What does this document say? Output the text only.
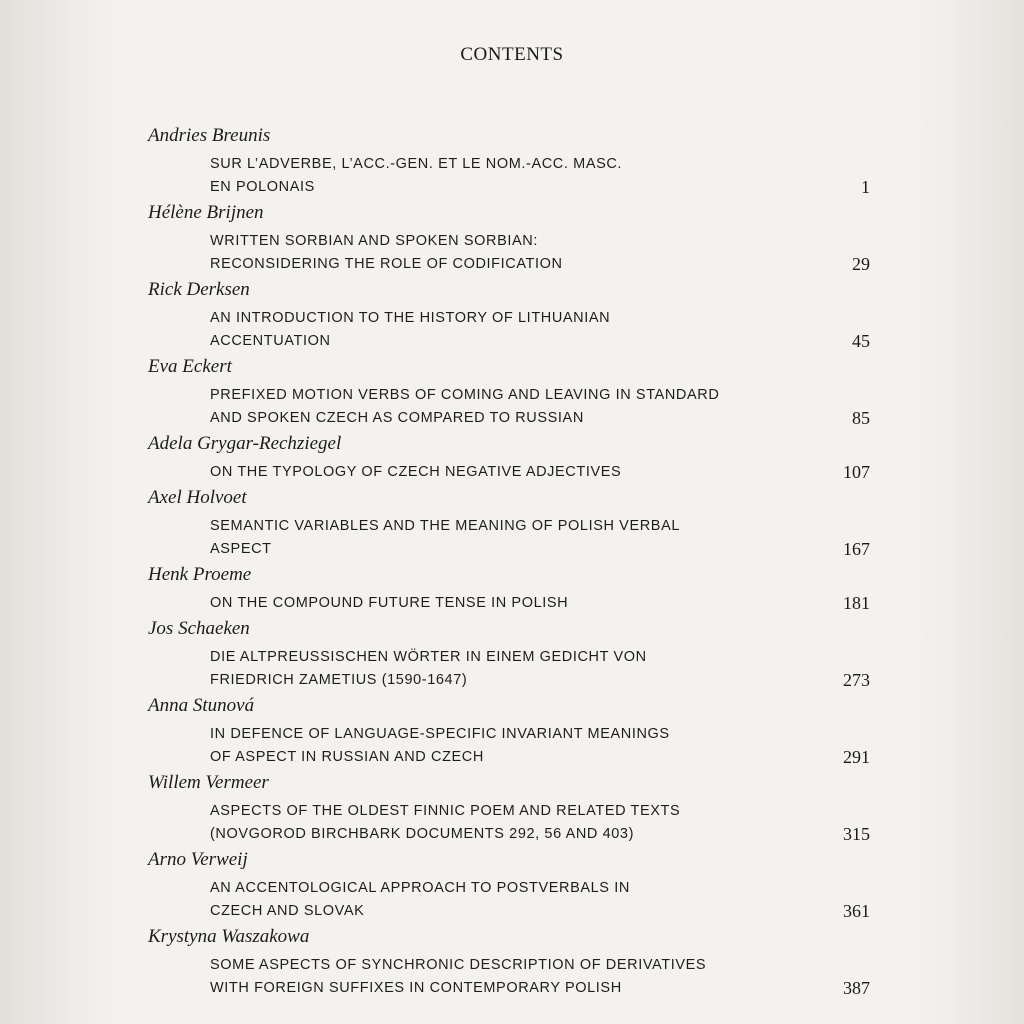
CONTENTS
Andries Breunis
SUR L’ADVERBE, L’ACC.-GEN. ET LE NOM.-ACC. MASC.
EN POLONAIS	1
Hélène Brijnen
WRITTEN SORBIAN AND SPOKEN SORBIAN:
RECONSIDERING THE ROLE OF CODIFICATION	29
Rick Derksen
AN INTRODUCTION TO THE HISTORY OF LITHUANIAN
ACCENTUATION	45
Eva Eckert
PREFIXED MOTION VERBS OF COMING AND LEAVING IN STANDARD
AND SPOKEN CZECH AS COMPARED TO RUSSIAN	85
Adela Grygar-Rechziegel
ON THE TYPOLOGY OF CZECH NEGATIVE ADJECTIVES	107
Axel Holvoet
SEMANTIC VARIABLES AND THE MEANING OF POLISH VERBAL
ASPECT	167
Henk Proeme
ON THE COMPOUND FUTURE TENSE IN POLISH	181
Jos Schaeken
DIE ALTPREUSSISCHEN WÖRTER IN EINEM GEDICHT VON
FRIEDRICH ZAMETIUS (1590-1647)	273
Anna Stunová
IN DEFENCE OF LANGUAGE-SPECIFIC INVARIANT MEANINGS
OF ASPECT IN RUSSIAN AND CZECH	291
Willem Vermeer
ASPECTS OF THE OLDEST FINNIC POEM AND RELATED TEXTS
(NOVGOROD BIRCHBARK DOCUMENTS 292, 56 AND 403)	315
Arno Verweij
AN ACCENTOLOGICAL APPROACH TO POSTVERBALS IN
CZECH AND SLOVAK	361
Krystyna Waszakowa
SOME ASPECTS OF SYNCHRONIC DESCRIPTION OF DERIVATIVES
WITH FOREIGN SUFFIXES IN CONTEMPORARY POLISH	387
